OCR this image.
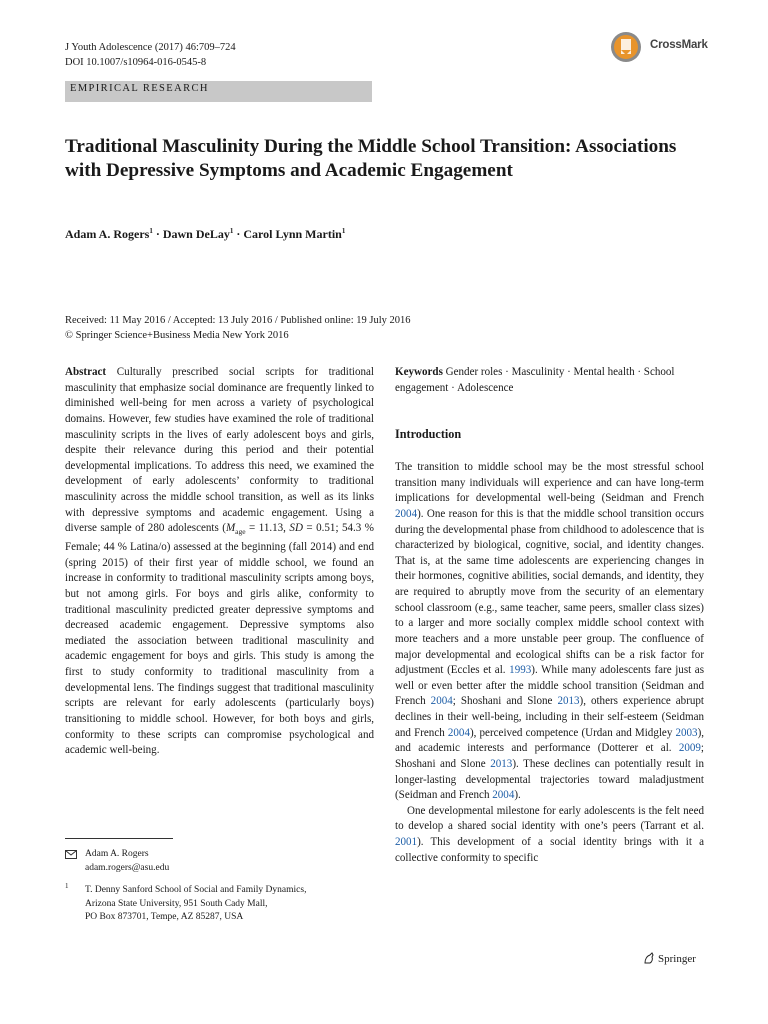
J Youth Adolescence (2017) 46:709–724
DOI 10.1007/s10964-016-0545-8
CrossMark
EMPIRICAL RESEARCH
Traditional Masculinity During the Middle School Transition: Associations with Depressive Symptoms and Academic Engagement
Adam A. Rogers$^1$ · Dawn DeLay$^1$ · Carol Lynn Martin$^1$
Received: 11 May 2016 / Accepted: 13 July 2016 / Published online: 19 July 2016
© Springer Science+Business Media New York 2016

Abstract Culturally prescribed social scripts for traditional masculinity that emphasize social dominance are frequently linked to diminished well-being for men across a variety of psychological domains. However, few studies have examined the role of traditional masculinity scripts in the lives of early adolescent boys and girls, despite their relevance during this period and their potential developmental implications. To address this need, we examined the development of early adolescents’ conformity to traditional masculinity across the middle school transition, as well as its links with depressive symptoms and academic engagement. Using a diverse sample of 280 adolescents ($M_{age} = 11.13$, SD = 0.51; 54.3 % Female; 44 % Latina/o) assessed at the beginning (fall 2014) and end (spring 2015) of their first year of middle school, we found an increase in conformity to traditional masculinity scripts among boys, but not among girls. For boys and girls alike, conformity to traditional masculinity predicted greater depressive symptoms and decreased academic engagement. Depressive symptoms also mediated the association between traditional masculinity and academic engagement for boys and girls. This study is among the first to study conformity to traditional masculinity from a developmental lens. The findings suggest that traditional masculinity scripts are relevant for early adolescents (particularly boys) transitioning to middle school. However, for both boys and girls, conformity to these scripts can compromise psychological and academic well-being.

Keywords Gender roles · Masculinity · Mental health · School engagement · Adolescence

Introduction

The transition to middle school may be the most stressful school transition many individuals will experience and can have long-term implications for developmental well-being (Seidman and French 2004). One reason for this is that the middle school transition occurs during the developmental phase from childhood to adolescence that is characterized by biological, cognitive, social, and identity changes. That is, at the same time adolescents are experiencing changes in their hormones, cognitive abilities, social demands, and identity, they are required to abruptly move from the security of an elementary school classroom (e.g., same teacher, same peers, smaller class sizes) to a larger and more socially complex middle school context with more teachers and a more unstable peer group. The confluence of major developmental and ecological shifts can be a risk factor for adjustment (Eccles et al. 1993). While many adolescents fare just as well or even better after the middle school transition (Seidman and French 2004; Shoshani and Slone 2013), others experience abrupt declines in their well-being, including in their self-esteem (Seidman and French 2004), perceived competence (Urdan and Midgley 2003), and academic interests and performance (Dotterer et al. 2009; Shoshani and Slone 2013). These declines can potentially result in longer-lasting developmental trajectories toward maladjustment (Seidman and French 2004).

One developmental milestone for early adolescents is the felt need to develop a shared social identity with one’s peers (Tarrant et al. 2001). This development of a social identity brings with it a collective conformity to specific

Adam A. Rogers
adam.rogers@asu.edu
1 T. Denny Sanford School of Social and Family Dynamics,
Arizona State University, 951 South Cady Mall,
PO Box 873701, Tempe, AZ 85287, USA
Springer
